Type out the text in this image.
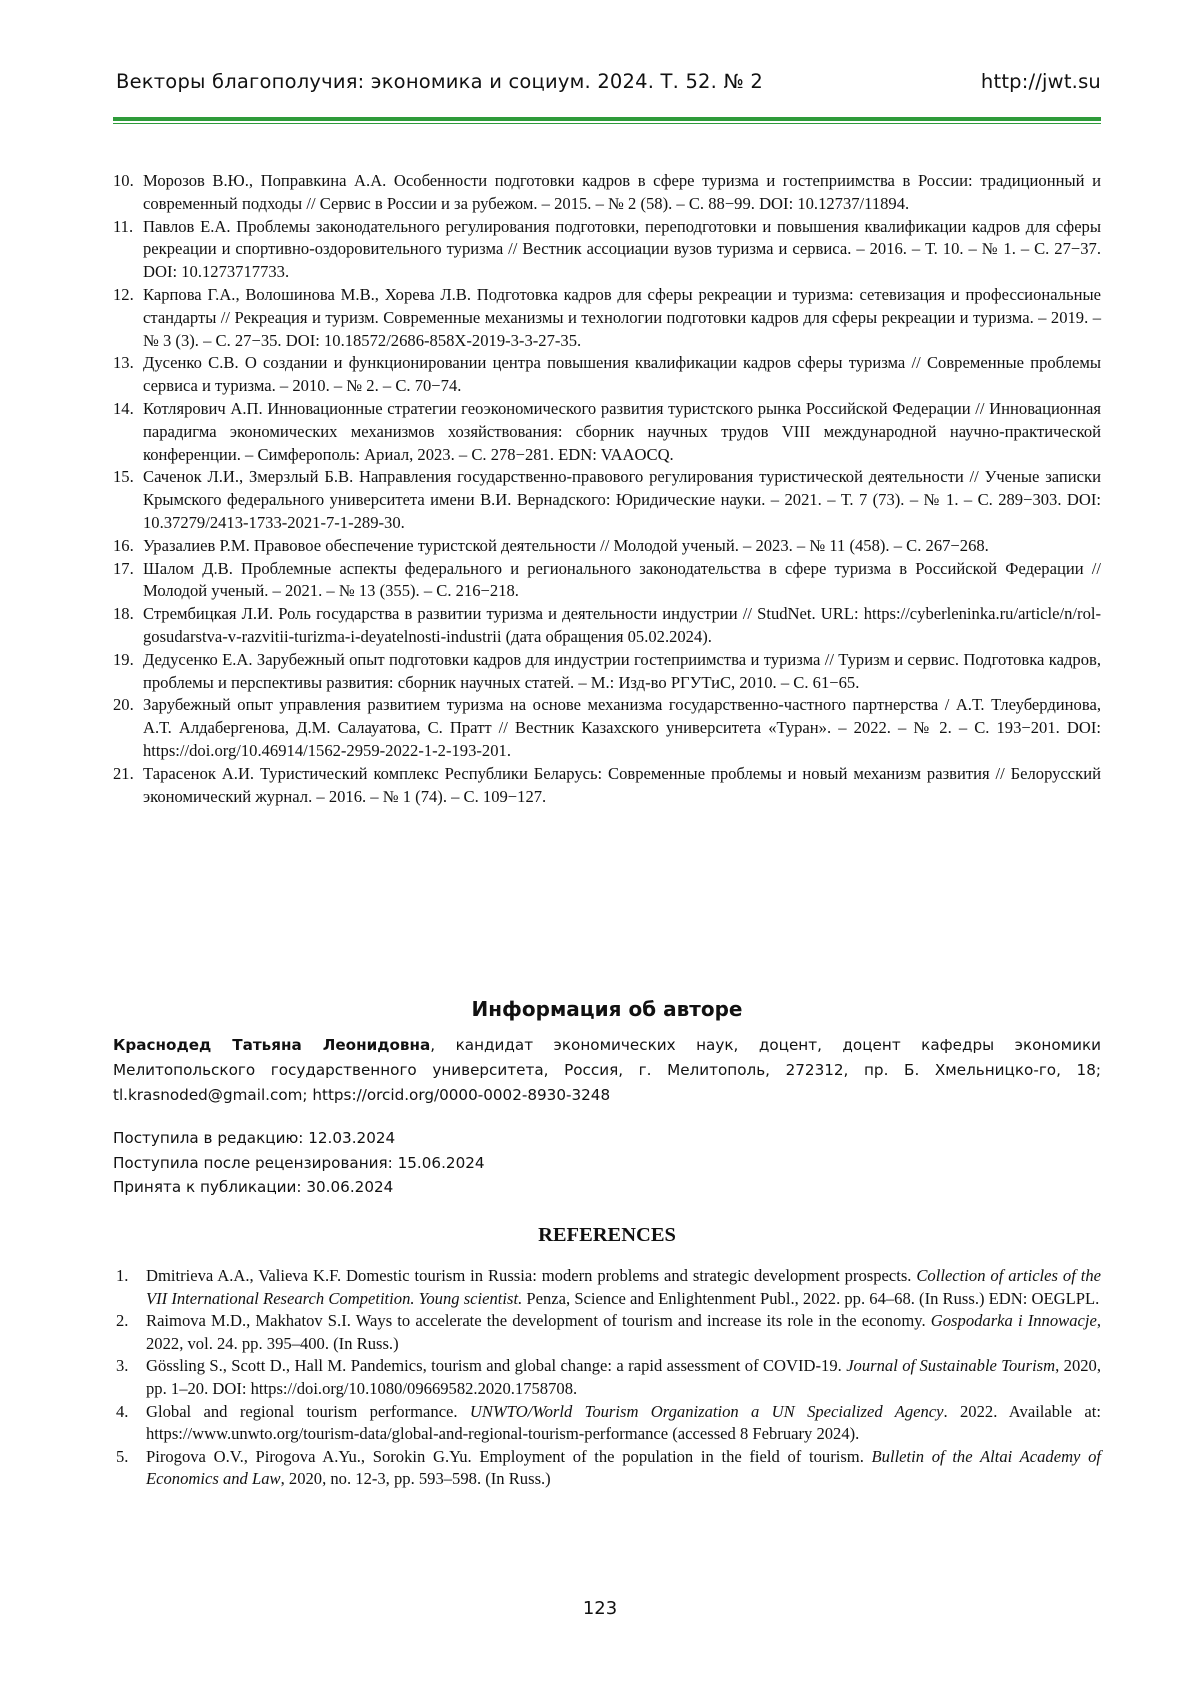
Векторы благополучия: экономика и социум. 2024. Т. 52. № 2	http://jwt.su
10. Морозов В.Ю., Поправкина А.А. Особенности подготовки кадров в сфере туризма и гостеприимства в России: традиционный и современный подходы // Сервис в России и за рубежом. – 2015. – № 2 (58). – С. 88−99. DOI: 10.12737/11894.
11. Павлов Е.А. Проблемы законодательного регулирования подготовки, переподготовки и повышения квалификации кадров для сферы рекреации и спортивно-оздоровительного туризма // Вестник ассоциации вузов туризма и сервиса. – 2016. – Т. 10. – № 1. – С. 27−37. DOI: 10.1273717733.
12. Карпова Г.А., Волошинова М.В., Хорева Л.В. Подготовка кадров для сферы рекреации и туризма: сетевизация и профессиональные стандарты // Рекреация и туризм. Современные механизмы и технологии подготовки кадров для сферы рекреации и туризма. – 2019. – № 3 (3). – С. 27−35. DOI: 10.18572/2686-858X-2019-3-3-27-35.
13. Дусенко С.В. О создании и функционировании центра повышения квалификации кадров сферы туризма // Современные проблемы сервиса и туризма. – 2010. – № 2. – С. 70−74.
14. Котлярович А.П. Инновационные стратегии геоэкономического развития туристского рынка Российской Федерации // Инновационная парадигма экономических механизмов хозяйствования: сборник научных трудов VIII международной научно-практической конференции. – Симферополь: Ариал, 2023. – С. 278−281. EDN: VAAOCQ.
15. Саченок Л.И., Змерзлый Б.В. Направления государственно-правового регулирования туристической деятельности // Ученые записки Крымского федерального университета имени В.И. Вернадского: Юридические науки. – 2021. – Т. 7 (73). – № 1. – С. 289−303. DOI: 10.37279/2413-1733-2021-7-1-289-30.
16. Уразалиев Р.М. Правовое обеспечение туристской деятельности // Молодой ученый. – 2023. – № 11 (458). – С. 267−268.
17. Шалом Д.В. Проблемные аспекты федерального и регионального законодательства в сфере туризма в Российской Федерации // Молодой ученый. – 2021. – № 13 (355). – С. 216−218.
18. Стрембицкая Л.И. Роль государства в развитии туризма и деятельности индустрии // StudNet. URL: https://cyberleninka.ru/article/n/rol-gosudarstva-v-razvitii-turizma-i-deyatelnosti-industrii (дата обращения 05.02.2024).
19. Дедусенко Е.А. Зарубежный опыт подготовки кадров для индустрии гостеприимства и туризма // Туризм и сервис. Подготовка кадров, проблемы и перспективы развития: сборник научных статей. – М.: Изд-во РГУТиС, 2010. – С. 61−65.
20. Зарубежный опыт управления развитием туризма на основе механизма государственно-частного партнерства / А.Т. Тлеубердинова, А.Т. Алдабергенова, Д.М. Салауатова, С. Пратт // Вестник Казахского университета «Туран». – 2022. – № 2. – С. 193−201. DOI: https://doi.org/10.46914/1562-2959-2022-1-2-193-201.
21. Тарасенок А.И. Туристический комплекс Республики Беларусь: Современные проблемы и новый механизм развития // Белорусский экономический журнал. – 2016. – № 1 (74). – С. 109−127.
Информация об авторе
Краснодед Татьяна Леонидовна, кандидат экономических наук, доцент, доцент кафедры экономики Мелитопольского государственного университета, Россия, г. Мелитополь, 272312, пр. Б. Хмельницко-го, 18; tl.krasnoded@gmail.com; https://orcid.org/0000-0002-8930-3248
Поступила в редакцию: 12.03.2024
Поступила после рецензирования: 15.06.2024
Принята к публикации: 30.06.2024
REFERENCES
1. Dmitrieva A.A., Valieva K.F. Domestic tourism in Russia: modern problems and strategic development prospects. Collection of articles of the VII International Research Competition. Young scientist. Penza, Science and Enlightenment Publ., 2022. pp. 64–68. (In Russ.) EDN: OEGLPL.
2. Raimova M.D., Makhatov S.I. Ways to accelerate the development of tourism and increase its role in the economy. Gospodarka i Innowacje, 2022, vol. 24. pp. 395–400. (In Russ.)
3. Gössling S., Scott D., Hall M. Pandemics, tourism and global change: a rapid assessment of COVID-19. Journal of Sustainable Tourism, 2020, pp. 1–20. DOI: https://doi.org/10.1080/09669582.2020.1758708.
4. Global and regional tourism performance. UNWTO/World Tourism Organization a UN Specialized Agency. 2022. Available at: https://www.unwto.org/tourism-data/global-and-regional-tourism-performance (accessed 8 February 2024).
5. Pirogova O.V., Pirogova A.Yu., Sorokin G.Yu. Employment of the population in the field of tourism. Bulletin of the Altai Academy of Economics and Law, 2020, no. 12-3, pp. 593–598. (In Russ.)
123
